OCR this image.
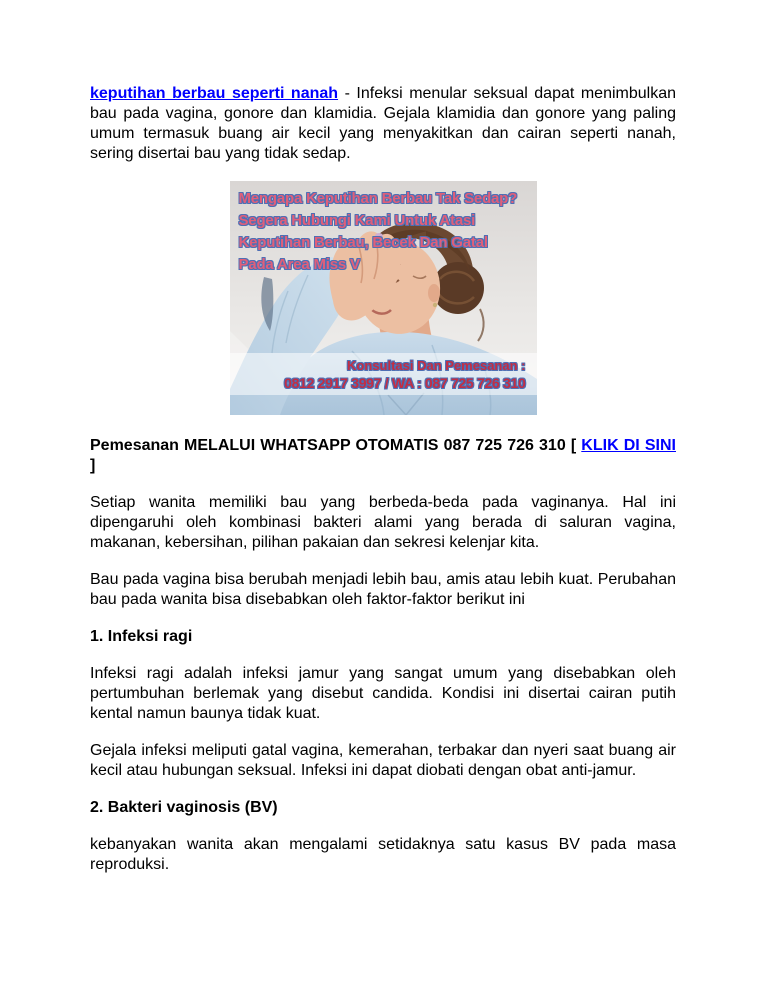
keputihan berbau seperti nanah - Infeksi menular seksual dapat menimbulkan bau pada vagina, gonore dan klamidia. Gejala klamidia dan gonore yang paling umum termasuk buang air kecil yang menyakitkan dan cairan seperti nanah, sering disertai bau yang tidak sedap.

Mengapa Keputihan Berbau Tak Sedap?
Segera Hubungi Kami Untuk Atasi
Keputihan Berbau, Becek Dan Gatal
Pada Area Miss V
Konsultasi Dan Pemesanan :
0812 2917 3997 / WA : 087 725 726 310

Pemesanan MELALUI WHATSAPP OTOMATIS 087 725 726 310 [ KLIK DI SINI ]

Setiap wanita memiliki bau yang berbeda-beda pada vaginanya. Hal ini dipengaruhi oleh kombinasi bakteri alami yang berada di saluran vagina, makanan, kebersihan, pilihan pakaian dan sekresi kelenjar kita.

Bau pada vagina bisa berubah menjadi lebih bau, amis atau lebih kuat. Perubahan bau pada wanita bisa disebabkan oleh faktor-faktor berikut ini

1. Infeksi ragi

Infeksi ragi adalah infeksi jamur yang sangat umum yang disebabkan oleh pertumbuhan berlemak yang disebut candida. Kondisi ini disertai cairan putih kental namun baunya tidak kuat.

Gejala infeksi meliputi gatal vagina, kemerahan, terbakar dan nyeri saat buang air kecil atau hubungan seksual. Infeksi ini dapat diobati dengan obat anti-jamur.

2. Bakteri vaginosis (BV)

kebanyakan wanita akan mengalami setidaknya satu kasus BV pada masa reproduksi.
